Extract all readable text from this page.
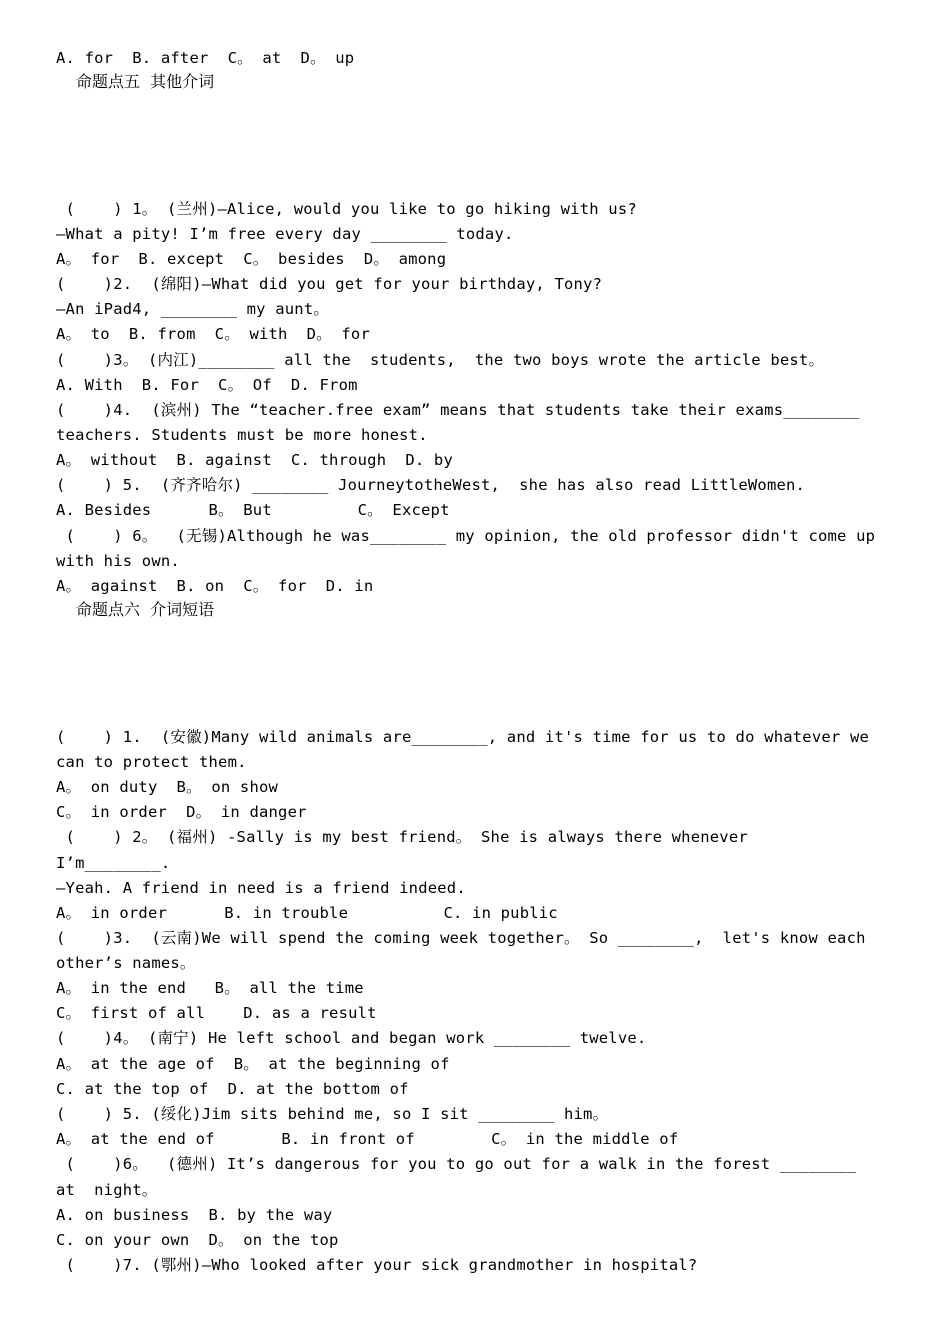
A. for  B. after  C。 at  D。 up
命题点五  其他介词
(    ) 1。 (兰州)—Alice, would you like to go hiking with us?
—What a pity! I’m free every day ________ today.
A。 for  B. except  C。 besides  D。 among
(    )2.  (绵阳)—What did you get for your birthday, Tony?
—An iPad4, ________ my aunt。
A。 to  B. from  C。 with  D。 for
(    )3。 (内江)________ all the  students,  the two boys wrote the article best。
A. With  B. For  C。 Of  D. From
(    )4.  (滨州) The “teacher.free exam” means that students take their exams________
teachers. Students must be more honest.
A。 without  B. against  C. through  D. by
(    ) 5.  (齐齐哈尔) ________ JourneytotheWest,  she has also read LittleWomen.
A. Besides      B。 But         C。 Except
(    ) 6。  (无锡)Although he was________ my opinion, the old professor didn't come up
with his own.
A。 against  B. on  C。 for  D. in
命题点六  介词短语
(    ) 1.  (安徽)Many wild animals are________, and it's time for us to do whatever we
can to protect them.
A。 on duty  B。 on show
C。 in order  D。 in danger
(    ) 2。 (福州) -Sally is my best friend。 She is always there whenever
I’m________.
—Yeah. A friend in need is a friend indeed.
A。 in order      B. in trouble          C. in public
(    )3.  (云南)We will spend the coming week together。 So ________,  let's know each
other’s names。
A。 in the end   B。 all the time
C。 first of all    D. as a result
(    )4。 (南宁) He left school and began work ________ twelve.
A。 at the age of  B。 at the beginning of
C. at the top of  D. at the bottom of
(    ) 5. (绥化)Jim sits behind me, so I sit ________ him。
A。 at the end of       B. in front of        C。 in the middle of
(    )6。  (德州) It’s dangerous for you to go out for a walk in the forest ________
at  night。
A. on business  B. by the way
C. on your own  D。 on the top
(    )7. (鄂州)—Who looked after your sick grandmother in hospital?
